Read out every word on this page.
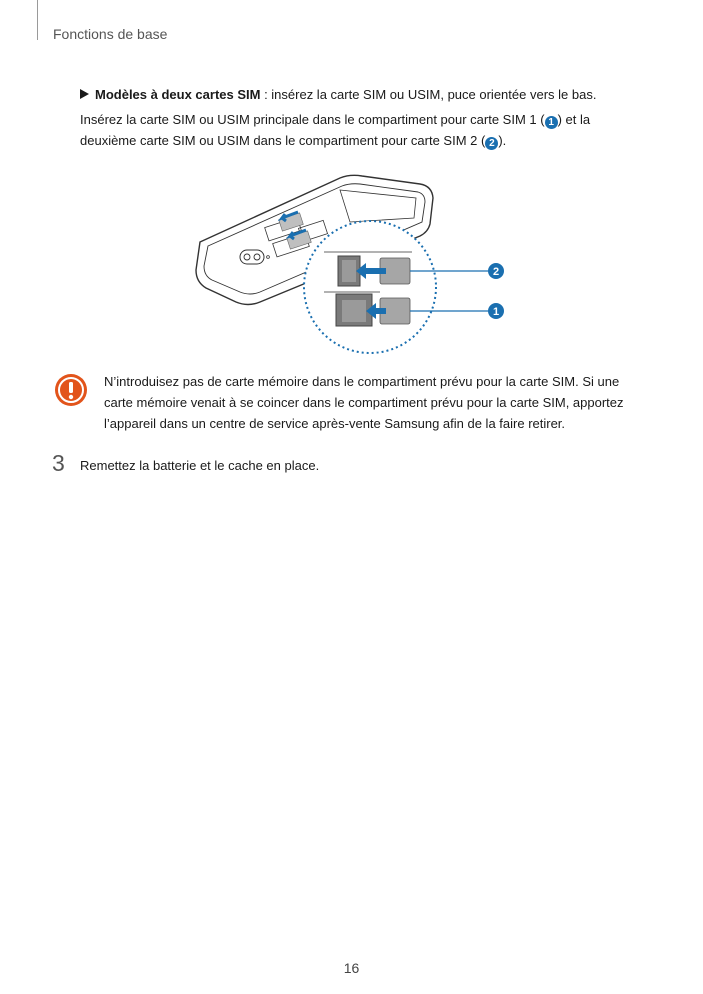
Fonctions de base
Modèles à deux cartes SIM : insérez la carte SIM ou USIM, puce orientée vers le bas.
Insérez la carte SIM ou USIM principale dans le compartiment pour carte SIM 1 ( 1 ) et la
deuxième carte SIM ou USIM dans le compartiment pour carte SIM 2 ( 2 ).
2
1
N’introduisez pas de carte mémoire dans le compartiment prévu pour la carte SIM. Si une
carte mémoire venait à se coincer dans le compartiment prévu pour la carte SIM, apportez
l’appareil dans un centre de service après-vente Samsung afin de la faire retirer.
3 Remettez la batterie et le cache en place.
16
